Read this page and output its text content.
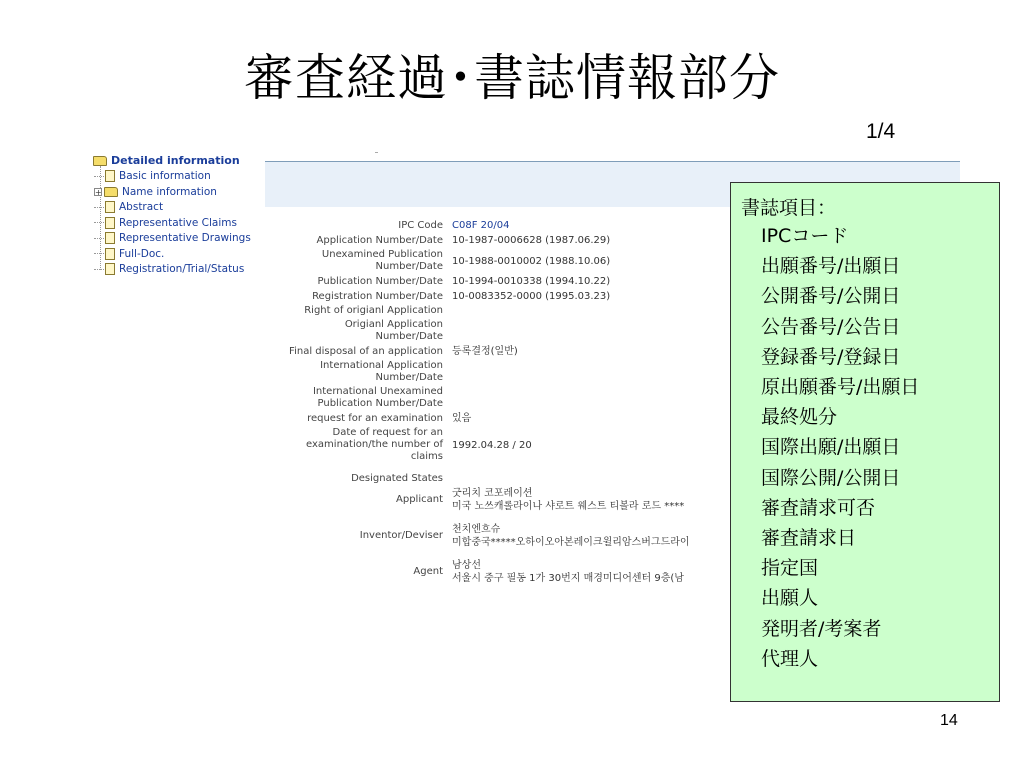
審査経過･書誌情報部分
1/4
Detailed information
Basic information
+ Name information
Abstract
Representative Claims
Representative Drawings
Full-Doc.
Registration/Trial/Status
IPC Code	C08F 20/04
Application Number/Date	10-1987-0006628 (1987.06.29)

Unexamined Publication Number/Date	10-1988-0010002 (1988.10.06)

Publication Number/Date	10-1994-0010338 (1994.10.22)

Registration Number/Date	10-0083352-0000 (1995.03.23)

Right of origianl Application	

Origianl Application Number/Date	

Final disposal of an application	등록결정(일반)

International Application Number/Date	

International Unexamined Publication Number/Date	

request for an examination	있음

Date of request for an examination/the number of claims	1992.04.28 / 20

Designated States	

Applicant	굿리치 코포레이션
미국 노쓰캐롤라이나 샤로트 웨스트 티볼라 로드 ****

Inventor/Deviser	천치엔흐슈
미합중국*****오하이오아본레이크윌리암스버그드라이

Agent	남상선
서울시 중구 필동 1가 30번지 매경미디어센터 9층(남
書誌項目：
IPCコード
出願番号/出願日
公開番号/公開日
公告番号/公告日
登録番号/登録日
原出願番号/出願日
最終処分
国際出願/出願日
国際公開/公開日
審査請求可否
審査請求日
指定国
出願人
発明者/考案者
代理人
14
